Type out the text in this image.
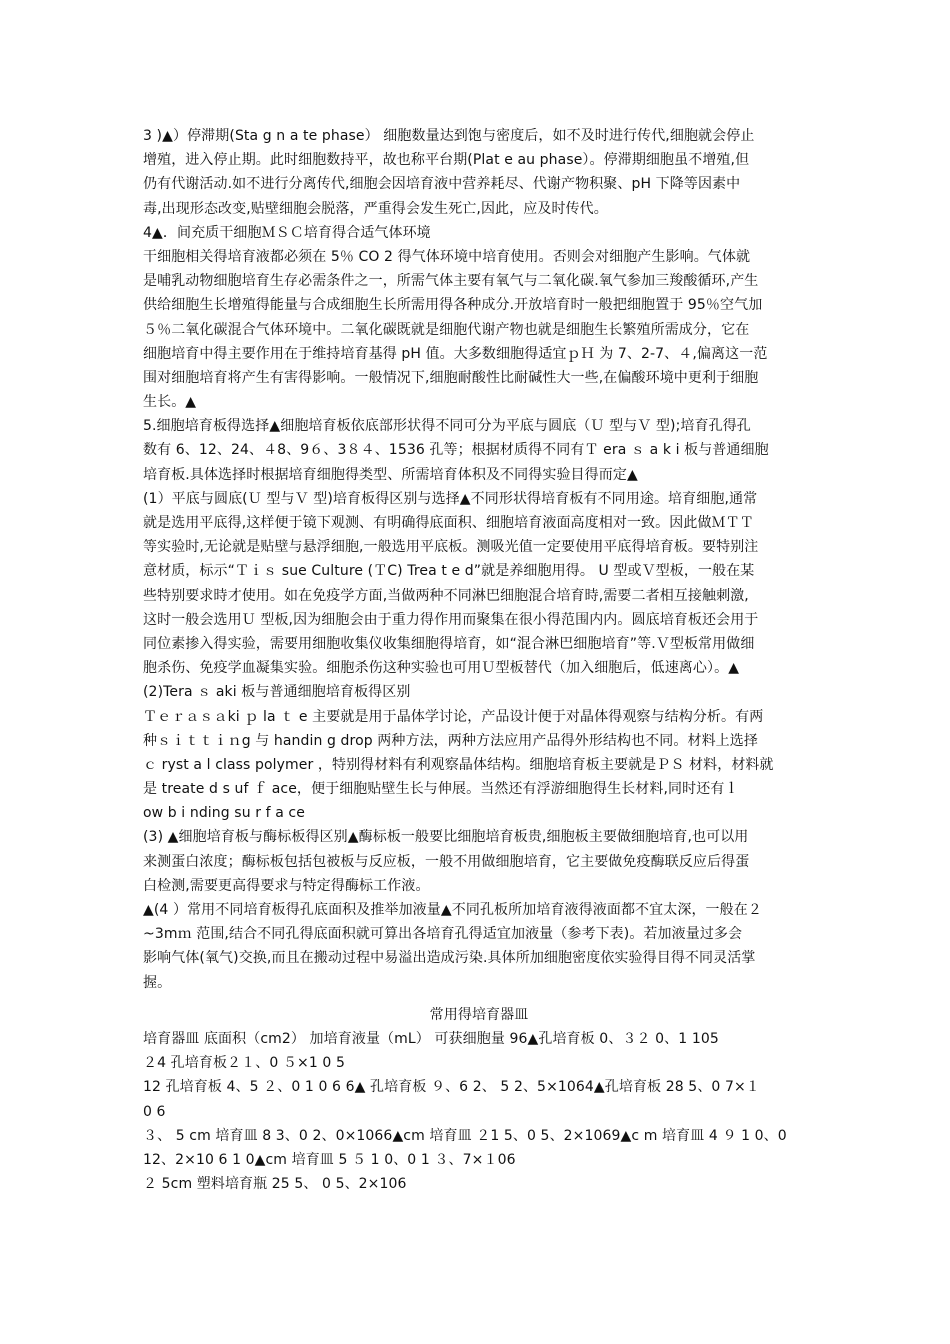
3 )▲）停滞期(Sta g n a te phase） 细胞数量达到饱与密度后，如不及时进行传代,细胞就会停止
增殖，进入停止期。此时细胞数持平，故也称平台期(Plat e au phase）。停滞期细胞虽不增殖,但
仍有代谢活动.如不进行分离传代,细胞会因培育液中营养耗尽、代谢产物积聚、pH 下降等因素中
毒,出现形态改变,贴壁细胞会脱落，严重得会发生死亡,因此，应及时传代。
4▲．间充质干细胞ＭＳＣ培育得合适气体环境
干细胞相关得培育液都必须在 5％ CO 2 得气体环境中培育使用。否则会对细胞产生影响。气体就
是哺乳动物细胞培育生存必需条件之一，所需气体主要有氧气与二氧化碳.氧气参加三羧酸循环,产生
供给细胞生长增殖得能量与合成细胞生长所需用得各种成分.开放培育时一般把细胞置于 95％空气加
５％二氧化碳混合气体环境中。二氧化碳既就是细胞代谢产物也就是细胞生长繁殖所需成分，它在
细胞培育中得主要作用在于维持培育基得 pH 值。大多数细胞得适宜ｐＨ 为 7、2-7、４,偏离这一范
围对细胞培育将产生有害得影响。一般情况下,细胞耐酸性比耐碱性大一些,在偏酸环境中更利于细胞
生长。▲
5.细胞培育板得选择▲细胞培育板依底部形状得不同可分为平底与圆底（Ｕ 型与Ｖ 型);培育孔得孔
数有 6、12、24、４8、9６、3８４、1536 孔等；根据材质得不同有Ｔ era ｓ a k i 板与普通细胞
培育板.具体选择时根据培育细胞得类型、所需培育体积及不同得实验目得而定▲
(1）平底与圆底(Ｕ 型与Ｖ 型)培育板得区别与选择▲不同形状得培育板有不同用途。培育细胞,通常
就是选用平底得,这样便于镜下观测、有明确得底面积、细胞培育液面高度相对一致。因此做ＭＴＴ
等实验时,无论就是贴壁与悬浮细胞,一般选用平底板。测吸光值一定要使用平底得培育板。要特别注
意材质，标示“Ｔｉｓ sue Culture (ＴC) Trea t e d”就是养细胞用得。 U 型或Ｖ型板，一般在某
些特别要求時才使用。如在免疫学方面,当做两种不同淋巴细胞混合培育時,需要二者相互接触刺激,
这时一般会选用Ｕ 型板,因为细胞会由于重力得作用而聚集在很小得范围内内。圆底培育板还会用于
同位素掺入得实验，需要用细胞收集仪收集细胞得培育，如“混合淋巴细胞培育”等.Ｖ型板常用做细
胞杀伤、免疫学血凝集实验。细胞杀伤这种实验也可用Ｕ型板替代（加入细胞后，低速离心）。▲
(2)Tera ｓ aki 板与普通细胞培育板得区别
Ｔｅｒａｓａki ｐ la ｔ e 主要就是用于晶体学讨论，产品设计便于对晶体得观察与结构分析。有两
种ｓｉｔｔｉｎg 与 handin g drop 两种方法，两种方法应用产品得外形结构也不同。材料上选择
ｃ ryst a l class polymer ，特别得材料有利观察晶体结构。细胞培育板主要就是ＰＳ 材料，材料就
是 treate d s uf ｆ ace，便于细胞贴壁生长与伸展。当然还有浮游细胞得生长材料,同时还有ｌ
ow b i nding su r f a ce
(3) ▲细胞培育板与酶标板得区别▲酶标板一般要比细胞培育板贵,细胞板主要做细胞培育,也可以用
来测蛋白浓度；酶标板包括包被板与反应板，一般不用做细胞培育，它主要做免疫酶联反应后得蛋
白检测,需要更高得要求与特定得酶标工作液。
▲(4 ）常用不同培育板得孔底面积及推举加液量▲不同孔板所加培育液得液面都不宜太深，一般在２
~3mｍ 范围,结合不同孔得底面积就可算出各培育孔得适宜加液量（参考下表)。若加液量过多会
影响气体(氧气)交换,而且在搬动过程中易溢出造成污染.具体所加细胞密度依实验得目得不同灵活掌
握。
常用得培育器皿
培育器皿 底面积（cm2） 加培育液量（mL） 可获细胞量 96▲孔培育板 0、３２ 0、1 105
２4 孔培育板２１、0 ５×1 0 5
12 孔培育板 4、5 ２、0 1 0 6 6▲ 孔培育板 ９、6 2、 5 2、5×1064▲孔培育板 28 5、0 7×１
0 6
３、 5 cm 培育皿 8 3、0 2、0×1066▲cm 培育皿 ２1 5、0 5、2×1069▲c m 培育皿 4 ９ 1 0、0
12、2×10 6 1 0▲cm 培育皿 5 ５ 1 0、0 1 ３、7×１06
２ 5cm 塑料培育瓶 25 5、 0 5、2×106
